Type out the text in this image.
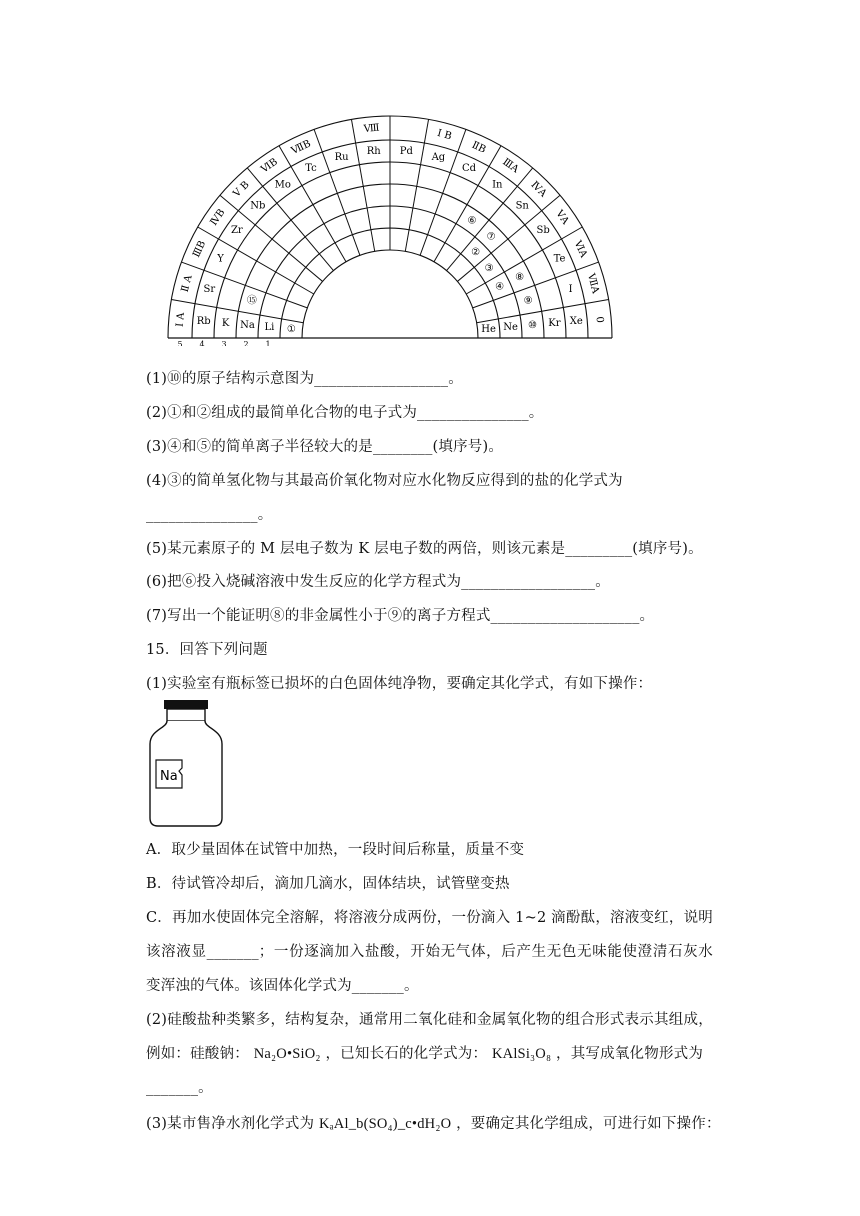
Ⅰ A Rb K Na Li ①
Ⅱ A Sr
⑮
ⅢB Y
ⅣB
Zr
Ⅴ B
Nb
ⅥB
Mo
ⅦB
Tc
Ru
Ⅷ
Rh Pd
Ⅰ B
Ag
ⅡB
Cd ⅢA
In
⑥
ⅣA
Sn
⑦
②
ⅤA
Sb
③
ⅥA
Te
⑧
④	ⅦA
I
⑨
0
Xe
Kr
⑩
Ne
He
5 4 3 2 1
(1)⑩的原子结构示意图为__________________。
(2)①和②组成的最简单化合物的电子式为_______________。
(3)④和⑤的简单离子半径较大的是________(填序号)。
(4)③的简单氢化物与其最高价氧化物对应水化物反应得到的盐的化学式为
_______________。
(5)某元素原子的 M 层电子数为 K 层电子数的两倍，则该元素是_________(填序号)。
(6)把⑥投入烧碱溶液中发生反应的化学方程式为__________________。
(7)写出一个能证明⑧的非金属性小于⑨的离子方程式____________________。
15．回答下列问题
(1)实验室有瓶标签已损坏的白色固体纯净物，要确定其化学式，有如下操作：
Na
A．取少量固体在试管中加热，一段时间后称量，质量不变
B．待试管冷却后，滴加几滴水，固体结块，试管壁变热
C．再加水使固体完全溶解，将溶液分成两份，一份滴入 1~2 滴酚酞，溶液变红，说明
该溶液显_______；一份逐滴加入盐酸，开始无气体，后产生无色无味能使澄清石灰水
变浑浊的气体。该固体化学式为_______。
(2)硅酸盐种类繁多，结构复杂，通常用二氧化硅和金属氧化物的组合形式表示其组成，
例如：硅酸钠： Na₂O•SiO₂ ，已知长石的化学式为： KAlSi₃O₈ ，其写成氧化物形式为
_______。
(3)某市售净水剂化学式为 KₐAl_b(SO₄)_c•dH₂O ，要确定其化学组成，可进行如下操作：
